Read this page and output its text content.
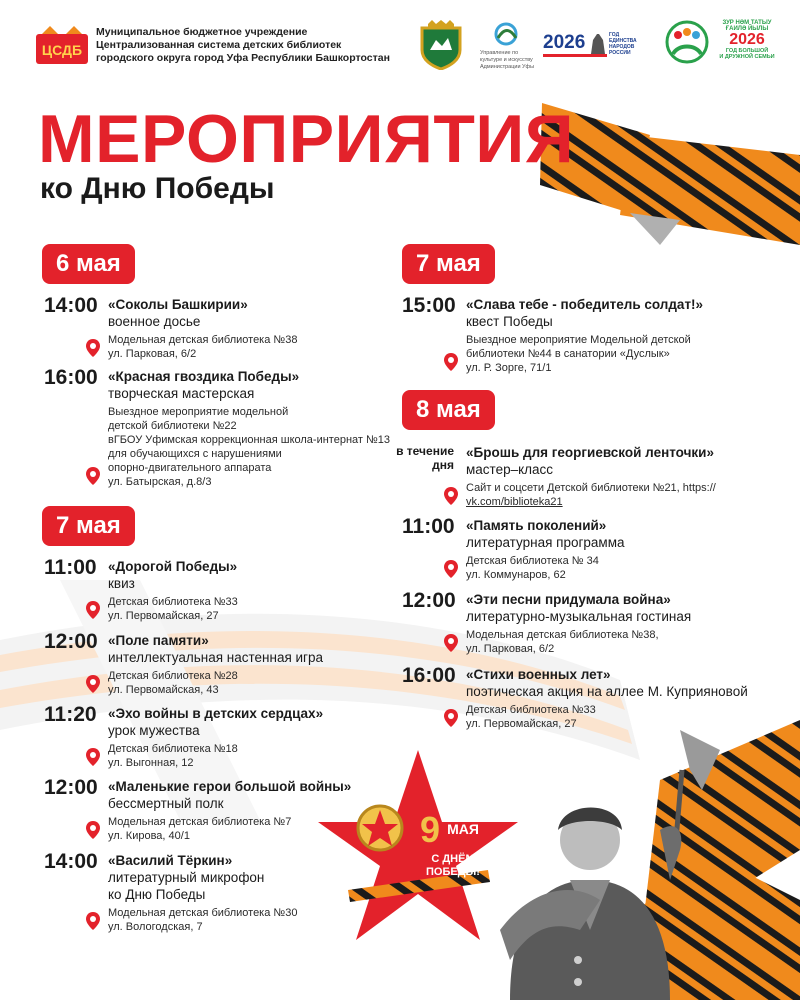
ЦСДБ
Муниципальное бюджетное учреждение
Централизованная система детских библиотек
городского округа город Уфа Республики Башкортостан	Управление по
культуре и искусству
Администрации Уфы
2026	ГОД
ЕДИНСТВА
НАРОДОВ
РОССИИ
ЗУР НӘМ ТАТЫУ
ҒАИЛӘ ЙЫЛЫ
2026
ГОД БОЛЬШОЙ
И ДРУЖНОЙ СЕМЬИ
МЕРОПРИЯТИЯ
ко Дню Победы
6 мая
7 мая
7 мая
8 мая
14:00 «Соколы Башкирии»
военное досье
Модельная детская библиотека №38
ул. Парковая, 6/2
16:00 «Красная гвоздика Победы»
творческая мастерская
Выездное мероприятие модельной
детской библиотеки №22
вГБОУ Уфимская коррекционная школа-интернат №13
для обучающихся с нарушениями
опорно-двигательного аппарата
ул. Батырская, д.8/3
11:00 «Дорогой Победы»
квиз
Детская библиотека №33
ул. Первомайская, 27
12:00 «Поле памяти»
интеллектуальная настенная игра
Детская библиотека №28
ул. Первомайская, 43
11:20 «Эхо войны в детских сердцах»
урок мужества
Детская библиотека №18
ул. Выгонная, 12
12:00 «Маленькие герои большой войны»
бессмертный полк
Модельная детская библиотека №7
ул. Кирова, 40/1
14:00 «Василий Тёркин»
литературный микрофон
ко Дню Победы
Модельная детская библиотека №30
ул. Вологодская, 7
15:00 «Слава тебе - победитель солдат!»
квест Победы
Выездное мероприятие Модельной детской
библиотеки №44 в санатории «Дуслык»
ул. Р. Зорге, 71/1
в течение
дня
«Брошь для георгиевской ленточки»
мастер–класс
Сайт и соцсети Детской библиотеки №21, https://
vk.com/biblioteka21
11:00 «Память поколений»
литературная программа
Детская библиотека № 34
ул. Коммунаров, 62
12:00 «Эти песни придумала война»
литературно-музыкальная гостиная
Модельная детская библиотека №38,
ул. Парковая, 6/2
16:00 «Стихи военных лет»
поэтическая акция на аллее М. Куприяновой
Детская библиотека №33
ул. Первомайская, 27
9 МАЯ
С ДНЁМ
ПОБЕДЫ!
